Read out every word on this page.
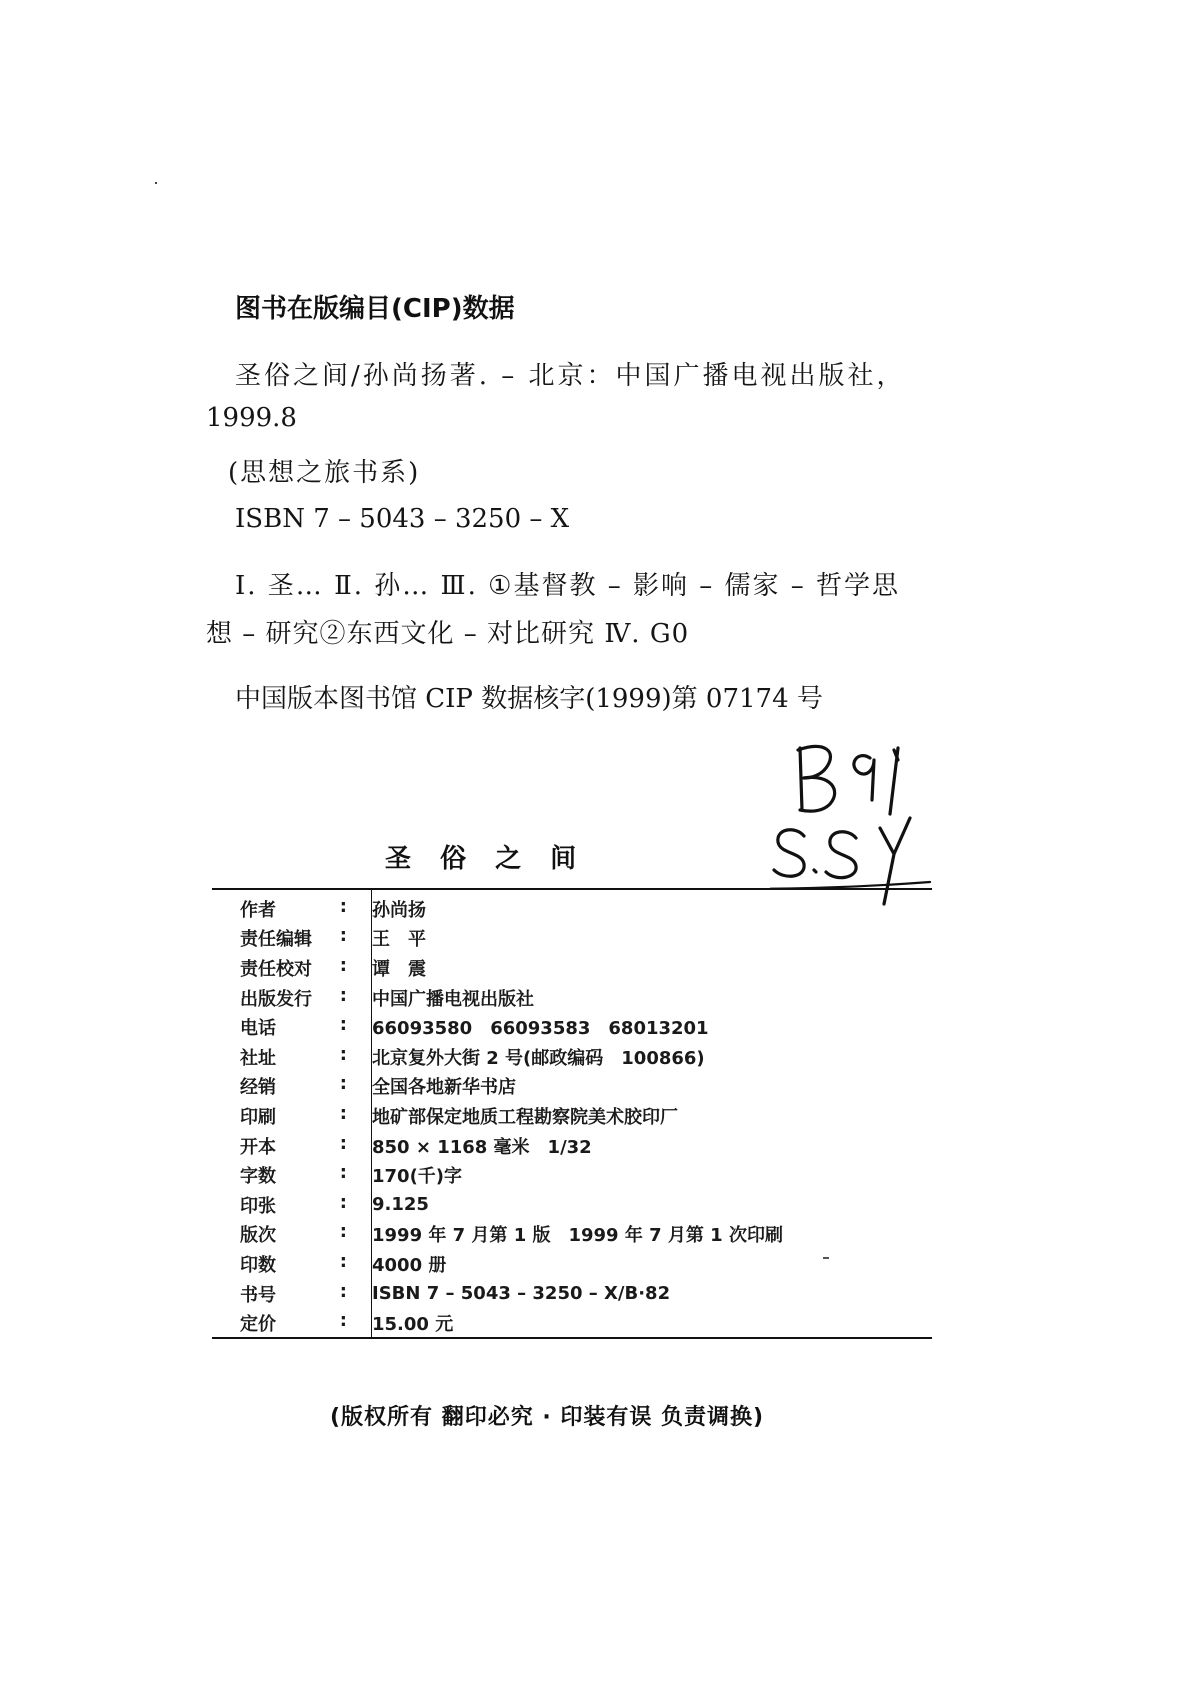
图书在版编目(CIP)数据
圣俗之间/孙尚扬著. – 北京：中国广播电视出版社，
1999.8
(思想之旅书系)
ISBN 7 – 5043 – 3250 – X
Ⅰ. 圣… Ⅱ. 孙… Ⅲ. ①基督教 – 影响 – 儒家 – 哲学思
想 – 研究②东西文化 – 对比研究 Ⅳ. G0
中国版本图书馆 CIP 数据核字(1999)第 07174 号
圣 俗 之 间
作者	: 孙尚扬
责任编辑 : 王　平
责任校对 : 谭　震
出版发行 : 中国广播电视出版社
电话	: 66093580　66093583　68013201
社址	: 北京复外大街 2 号(邮政编码　100866)
经销	: 全国各地新华书店
印刷	: 地矿部保定地质工程勘察院美术胶印厂
开本	: 850 × 1168 毫米　1/32
字数	: 170(千)字
印张	: 9.125
版次	: 1999 年 7 月第 1 版　1999 年 7 月第 1 次印刷
印数	: 4000 册
书号	: ISBN 7 – 5043 – 3250 – X/B·82
定价	: 15.00 元
(版权所有 翻印必究 · 印装有误 负责调换)
